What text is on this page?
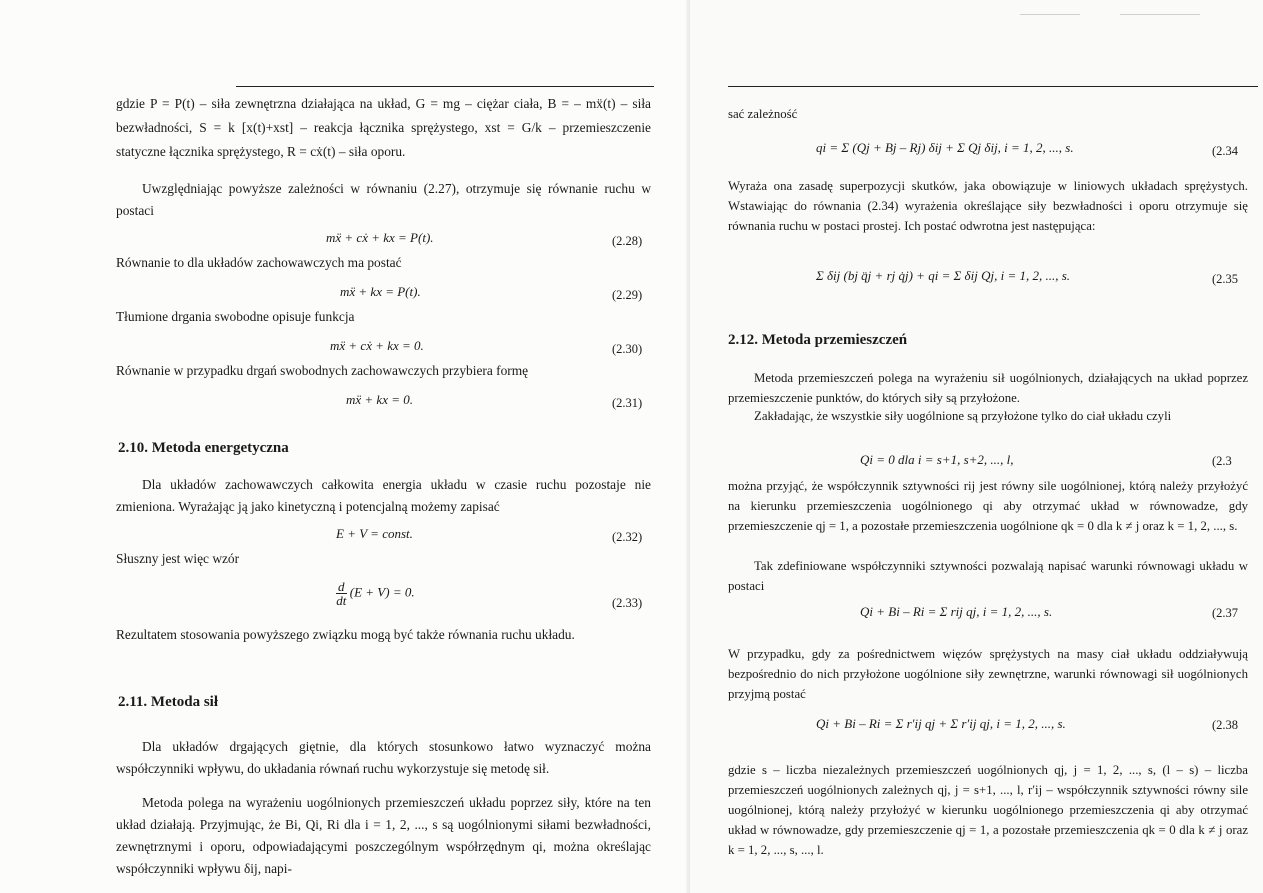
gdzie P = P(t) – siła zewnętrzna działająca na układ, G = mg – ciężar ciała, B = – mẍ(t) – siła bezwładności, S = k [x(t)+xst] – reakcja łącznika sprężystego, xst = G/k – przemieszczenie statyczne łącznika sprężystego, R = cẋ(t) – siła oporu.

Uwzględniając powyższe zależności w równaniu (2.27), otrzymuje się równanie ruchu w postaci

mẍ + cẋ + kx = P(t).	(2.28)

Równanie to dla układów zachowawczych ma postać

mẍ + kx = P(t).	(2.29)

Tłumione drgania swobodne opisuje funkcja

mẍ + cẋ + kx = 0.	(2.30)

Równanie w przypadku drgań swobodnych zachowawczych przybiera formę

mẍ + kx = 0.	(2.31)
2.10. Metoda energetyczna

Dla układów zachowawczych całkowita energia układu w czasie ruchu pozostaje nie zmieniona. Wyrażając ją jako kinetyczną i potencjalną możemy zapisać

E + V = const.	(2.32)

Słuszny jest więc wzór

$\frac{d}{dt} (E + V) = 0$.
(2.33)

Rezultatem stosowania powyższego związku mogą być także równania ruchu układu.

2.11. Metoda sił

Dla układów drgających giętnie, dla których stosunkowo łatwo wyznaczyć można współczynniki wpływu, do układania równań ruchu wykorzystuje się metodę sił.

Metoda polega na wyrażeniu uogólnionych przemieszczeń układu poprzez siły, które na ten układ działają. Przyjmując, że Bi, Qi, Ri dla i = 1, 2, ..., s są uogólnionymi siłami bezwładności, zewnętrznymi i oporu, odpowiadającymi poszczególnym współrzędnym qi, można określając współczynniki wpływu δij, napi-

sać zależność

qi = Σ (Qj + Bj – Rj) δij + Σ Qj δij, i = 1, 2, ..., s.	(2.34

Wyraża ona zasadę superpozycji skutków, jaka obowiązuje w liniowych układach sprężystych. Wstawiając do równania (2.34) wyrażenia określające siły bezwładności i oporu otrzymuje się równania ruchu w postaci prostej. Ich postać odwrotna jest następująca:

Σ δij (bj q̈j + rj q̇j) + qi = Σ δij Qj, i = 1, 2, ..., s.	(2.35
2.12. Metoda przemieszczeń

Metoda przemieszczeń polega na wyrażeniu sił uogólnionych, działających na układ poprzez przemieszczenie punktów, do których siły są przyłożone.

Zakładając, że wszystkie siły uogólnione są przyłożone tylko do ciał układu czyli

Qi = 0 dla i = s+1, s+2, ..., l,	(2.3

można przyjąć, że współczynnik sztywności rij jest równy sile uogólnionej, którą należy przyłożyć na kierunku przemieszczenia uogólnionego qi aby otrzymać układ w równowadze, gdy przemieszczenie qj = 1, a pozostałe przemieszczenia uogólnione qk = 0 dla k ≠ j oraz k = 1, 2, ..., s.

Tak zdefiniowane współczynniki sztywności pozwalają napisać warunki równowagi układu w postaci

Qi + Bi – Ri = Σ rij qj, i = 1, 2, ..., s.	(2.37

W przypadku, gdy za pośrednictwem więzów sprężystych na masy ciał układu oddziaływują bezpośrednio do nich przyłożone uogólnione siły zewnętrzne, warunki równowagi sił uogólnionych przyjmą postać

Qi + Bi – Ri = Σ r′ij qj + Σ r′ij qj, i = 1, 2, ..., s.	(2.38

gdzie s – liczba niezależnych przemieszczeń uogólnionych qj, j = 1, 2, ..., s, (l – s) – liczba przemieszczeń uogólnionych zależnych qj, j = s+1, ..., l, r′ij – współczynnik sztywności równy sile uogólnionej, którą należy przyłożyć w kierunku uogólnionego przemieszczenia qi aby otrzymać układ w równowadze, gdy przemieszczenie qj = 1, a pozostałe przemieszczenia qk = 0 dla k ≠ j oraz k = 1, 2, ..., s, ..., l.
